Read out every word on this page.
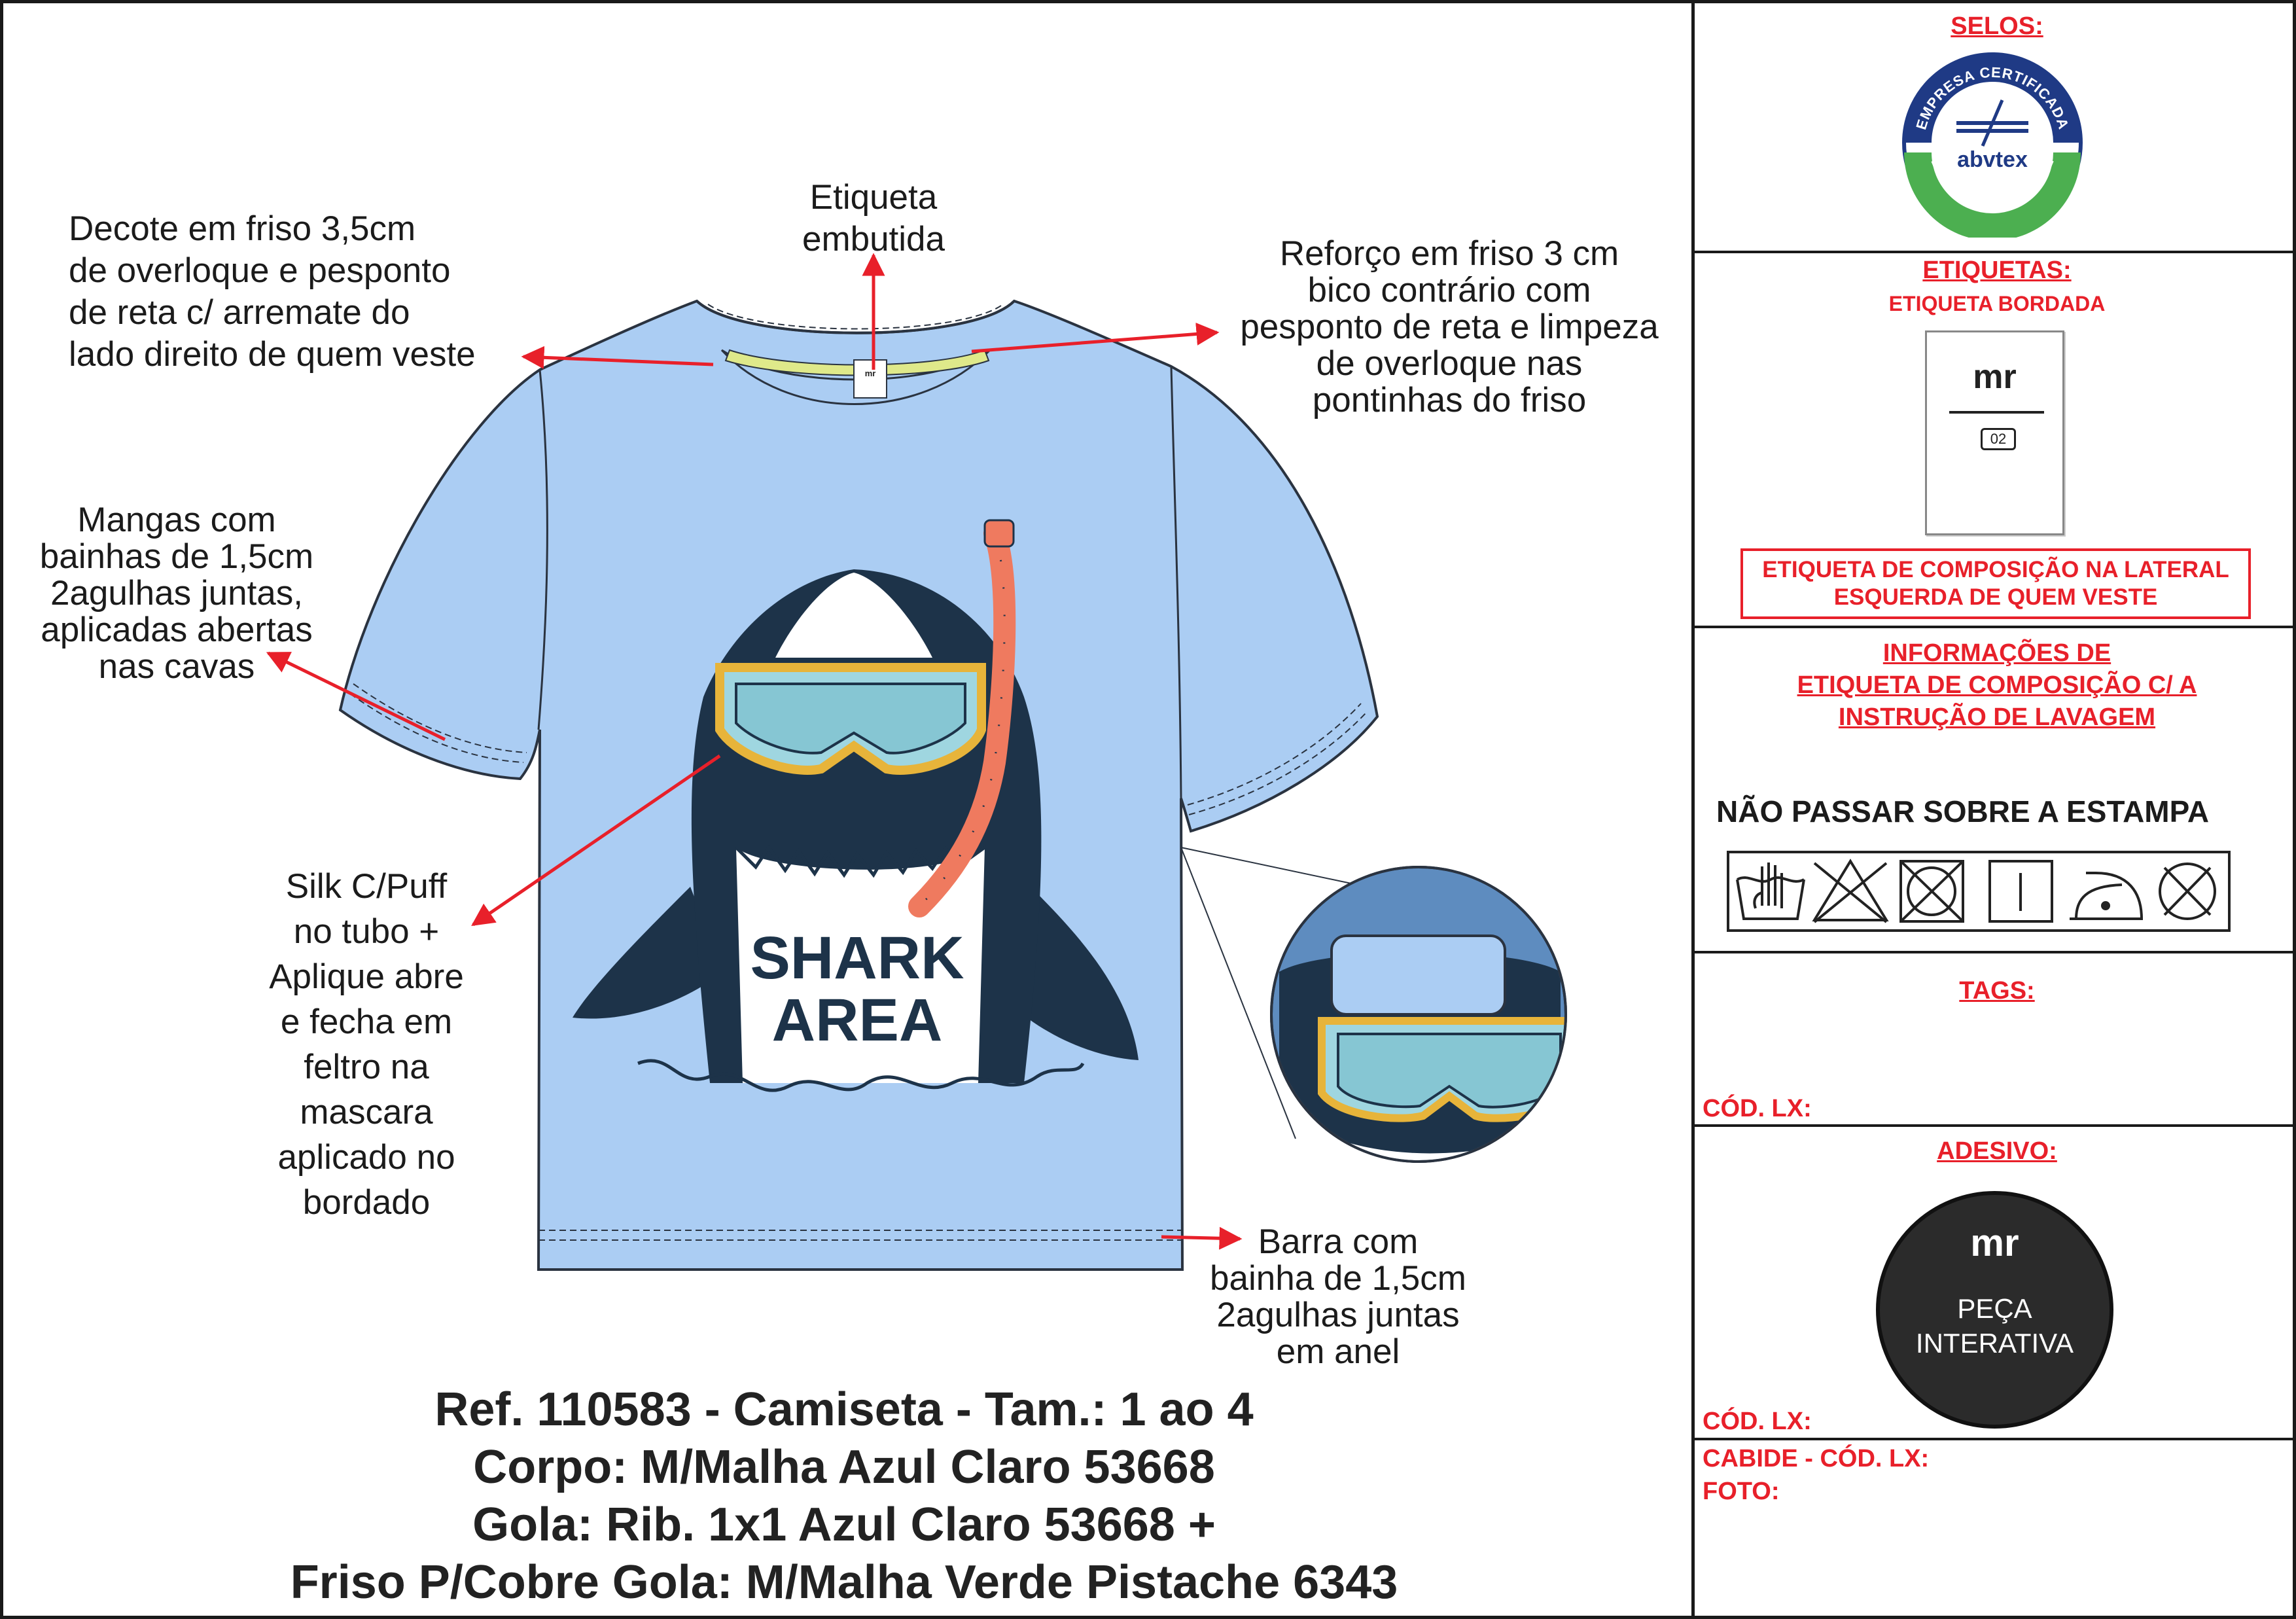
mr
SHARK
AREA
Etiqueta
embutida
Decote em friso 3,5cm
de overloque e pesponto
de reta c/ arremate do
lado direito de quem veste
Reforço em friso 3 cm
bico contrário com
pesponto de reta e limpeza
de overloque nas
pontinhas do friso
Mangas com
bainhas de 1,5cm
2agulhas juntas,
aplicadas abertas
nas cavas
Silk C/Puff
no tubo +
Aplique abre
e fecha em
feltro na
mascara
aplicado no
bordado
Barra com
bainha de 1,5cm
2agulhas juntas
em anel
Ref. 110583 - Camiseta - Tam.: 1 ao 4
Corpo: M/Malha Azul Claro 53668
Gola: Rib. 1x1 Azul Claro 53668 +
Friso P/Cobre Gola: M/Malha Verde Pistache 6343
SELOS:
EMPRESA CERTIFICADA
EM RESPONSABILIDADE SOCIAL
abvtex
ETIQUETAS:
ETIQUETA BORDADA
mr
02
ETIQUETA DE COMPOSIÇÃO NA LATERAL
ESQUERDA DE QUEM VESTE
INFORMAÇÕES DE
ETIQUETA DE COMPOSIÇÃO C/ A
INSTRUÇÃO DE LAVAGEM
NÃO PASSAR SOBRE A ESTAMPA
TAGS:
CÓD. LX:
ADESIVO:
mr
PEÇA
INTERATIVA
CÓD. LX:
CABIDE - CÓD. LX:
FOTO:
